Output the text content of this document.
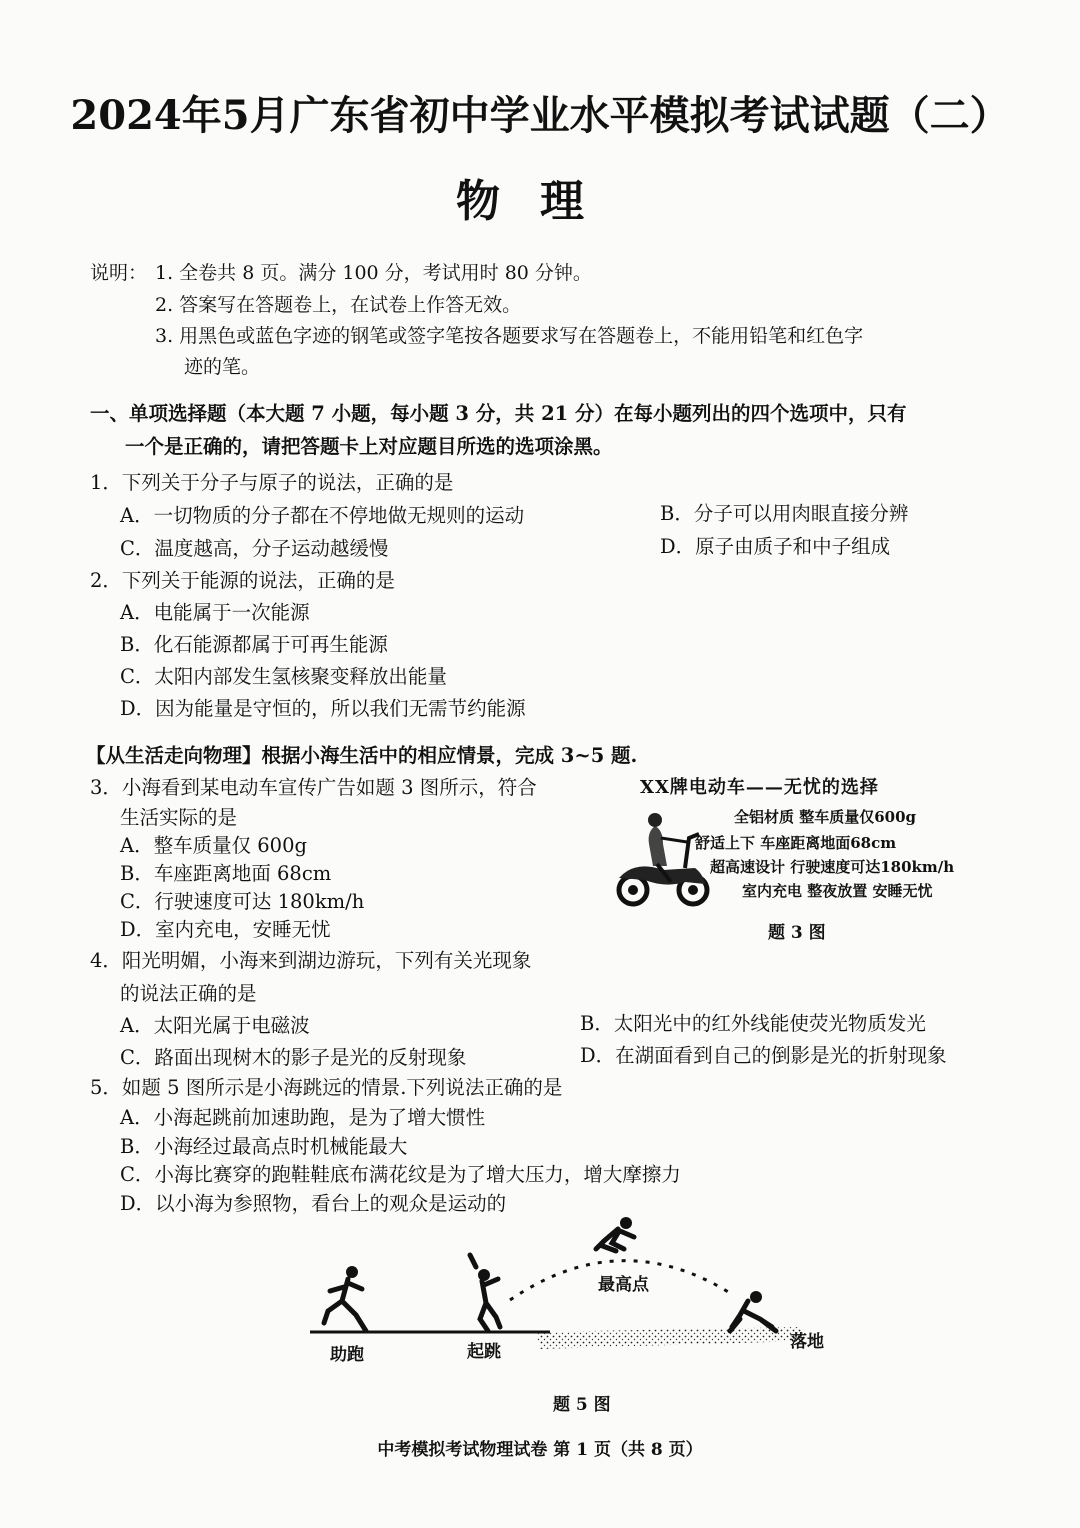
2024年5月广东省初中学业水平模拟考试试题（二）
物理
说明： 1. 全卷共 8 页。满分 100 分，考试用时 80 分钟。
2. 答案写在答题卷上，在试卷上作答无效。
3. 用黑色或蓝色字迹的钢笔或签字笔按各题要求写在答题卷上，不能用铅笔和红色字
迹的笔。
一、单项选择题（本大题 7 小题，每小题 3 分，共 21 分）在每小题列出的四个选项中，只有
一个是正确的，请把答题卡上对应题目所选的选项涂黑。
1．下列关于分子与原子的说法，正确的是
A．一切物质的分子都在不停地做无规则的运动	B．分子可以用肉眼直接分辨
C．温度越高，分子运动越缓慢	D．原子由质子和中子组成
2．下列关于能源的说法，正确的是
A．电能属于一次能源
B．化石能源都属于可再生能源
C．太阳内部发生氢核聚变释放出能量
D．因为能量是守恒的，所以我们无需节约能源
【从生活走向物理】根据小海生活中的相应情景，完成 3~5 题.
3．小海看到某电动车宣传广告如题 3 图所示，符合
生活实际的是
A．整车质量仅 600g
B．车座距离地面 68cm
C．行驶速度可达 180km/h
D．室内充电，安睡无忧
XX牌电动车——无忧的选择
全铝材质 整车质量仅600g
舒适上下 车座距离地面68cm
超高速设计 行驶速度可达180km/h
室内充电 整夜放置 安睡无忧
题 3 图
4．阳光明媚，小海来到湖边游玩，下列有关光现象
的说法正确的是
A．太阳光属于电磁波	B．太阳光中的红外线能使荧光物质发光
C．路面出现树木的影子是光的反射现象	D．在湖面看到自己的倒影是光的折射现象
5．如题 5 图所示是小海跳远的情景.下列说法正确的是
A．小海起跳前加速助跑，是为了增大惯性
B．小海经过最高点时机械能最大
C．小海比赛穿的跑鞋鞋底布满花纹是为了增大压力，增大摩擦力
D．以小海为参照物，看台上的观众是运动的
助跑	起跳
最高点
落地
题 5 图
中考模拟考试物理试卷 第 1 页（共 8 页）
